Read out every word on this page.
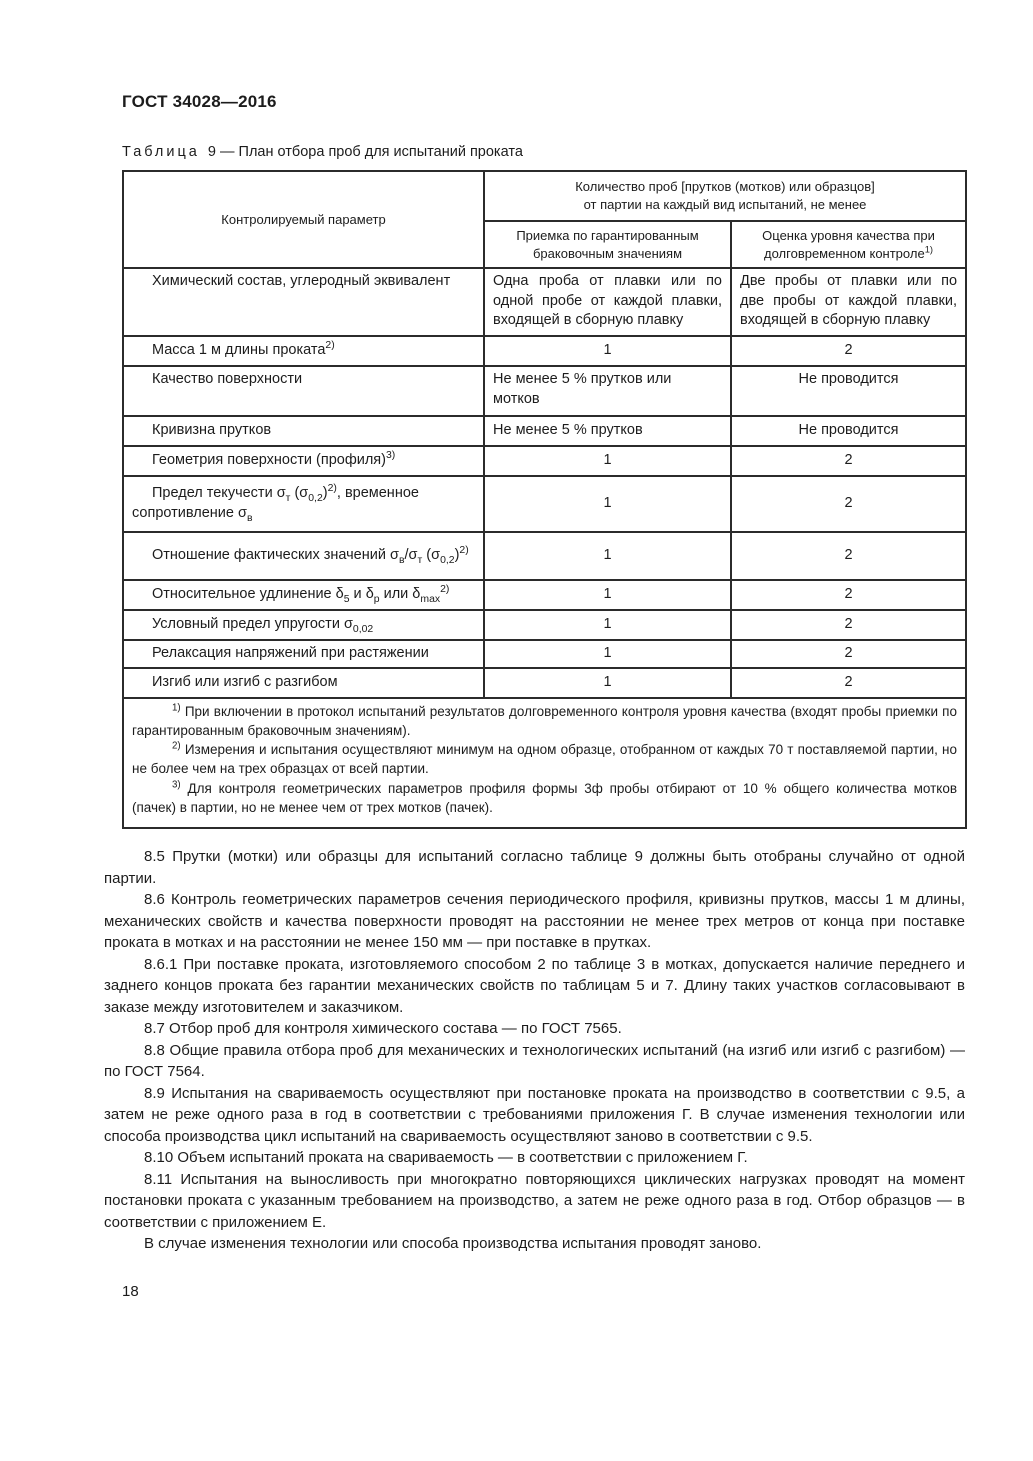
ГОСТ 34028—2016

Таблица 9 — План отбора проб для испытаний проката

Контролируемый параметр	Количество проб [прутков (мотков) или образцов]
от партии на каждый вид испытаний, не менее	
	Приемка по гарантированным браковочным значениям	Оценка уровня качества при долговременном контроле$^{1)}$
Химический состав, углеродный эквивалент	Одна проба от плавки или по одной пробе от каждой плавки, входящей в сборную плавку	Две пробы от плавки или по две пробы от каждой плавки, входящей в сборную плавку
Масса 1 м длины проката$^{2)}$	1	2
Качество поверхности	Не менее 5 % прутков или мотков	Не проводится
Кривизна прутков	Не менее 5 % прутков	Не проводится
Геометрия поверхности (профиля)$^{3)}$	1	2
Предел текучести $\sigma_т$ $(\sigma_{0,2})^{2)}$, временное сопротивление $\sigma_в$	1	2
Отношение фактических значений $\sigma_в/\sigma_т$ $(\sigma_{0,2})^{2)}$	1	2
Относительное удлинение $\delta_5$ и $\delta_p$ или $\delta_{max}^{2)}$	1	2
Условный предел упругости $\sigma_{0,02}$	1	2
Релаксация напряжений при растяжении	1	2
Изгиб или изгиб с разгибом	1	2

$^{1)}$ При включении в протокол испытаний результатов долговременного контроля уровня качества (входят пробы приемки по гарантированным браковочным значениям).

$^{2)}$ Измерения и испытания осуществляют минимум на одном образце, отобранном от каждых 70 т поставляемой партии, но не более чем на трех образцах от всей партии.

$^{3)}$ Для контроля геометрических параметров профиля формы 3ф пробы отбирают от 10 % общего количества мотков (пачек) в партии, но не менее чем от трех мотков (пачек).		

8.5 Прутки (мотки) или образцы для испытаний согласно таблице 9 должны быть отобраны случайно от одной партии.

8.6 Контроль геометрических параметров сечения периодического профиля, кривизны прутков, массы 1 м длины, механических свойств и качества поверхности проводят на расстоянии не менее трех метров от конца при поставке проката в мотках и на расстоянии не менее 150 мм — при поставке в прутках.

8.6.1 При поставке проката, изготовляемого способом 2 по таблице 3 в мотках, допускается наличие переднего и заднего концов проката без гарантии механических свойств по таблицам 5 и 7. Длину таких участков согласовывают в заказе между изготовителем и заказчиком.

8.7 Отбор проб для контроля химического состава — по ГОСТ 7565.

8.8 Общие правила отбора проб для механических и технологических испытаний (на изгиб или изгиб с разгибом) — по ГОСТ 7564.

8.9 Испытания на свариваемость осуществляют при постановке проката на производство в соответствии с 9.5, а затем не реже одного раза в год в соответствии с требованиями приложения Г. В случае изменения технологии или способа производства цикл испытаний на свариваемость осуществляют заново в соответствии с 9.5.

8.10 Объем испытаний проката на свариваемость — в соответствии с приложением Г.

8.11 Испытания на выносливость при многократно повторяющихся циклических нагрузках проводят на момент постановки проката с указанным требованием на производство, а затем не реже одного раза в год. Отбор образцов — в соответствии с приложением Е.

В случае изменения технологии или способа производства испытания проводят заново.

18
